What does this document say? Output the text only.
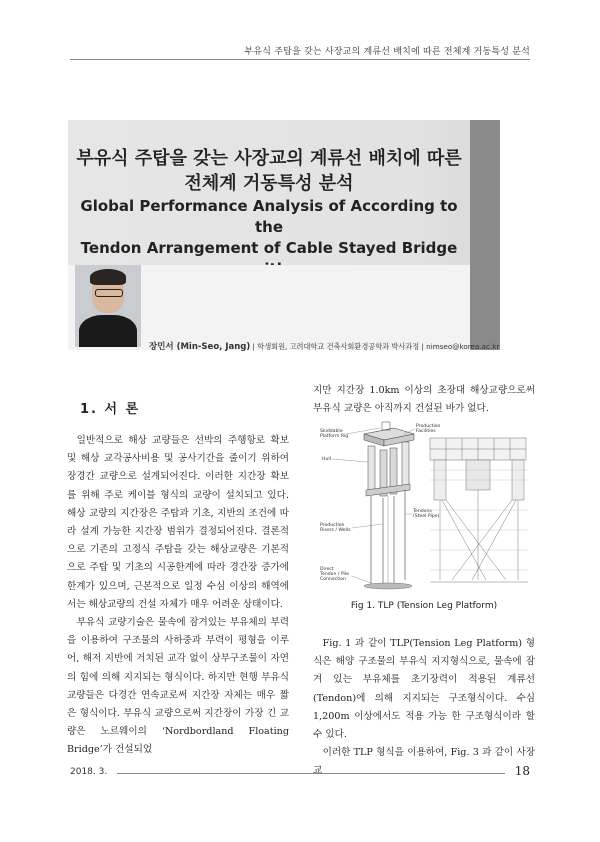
부유식 주탑을 갖는 사장교의 계류선 배치에 따른 전체계 거동특성 분석
부유식 주탑을 갖는 사장교의 계류선 배치에 따른
전체계 거동특성 분석
Global Performance Analysis of According to the
Tendon Arrangement of Cable Stayed Bridge
장민서 (Min-Seo, Jang) | 학생회원, 고려대학교 건축사회환경공학과 박사과정 | nimseo@korea.ac.kr
1. 서 론

일반적으로 해상 교량들은 선박의 주행항로 확보 및 해상 교각공사비용 및 공사기간을 줄이기 위하여 장경간 교량으로 설계되어진다. 이러한 지간장 확보를 위해 주로 케이블 형식의 교량이 설치되고 있다. 해상 교량의 지간장은 주탑과 기초, 지반의 조건에 따라 설계 가능한 지간장 범위가 결정되어진다. 결론적으로 기존의 고정식 주탑을 갖는 해상교량은 기본적으로 주탑 및 기초의 시공한계에 따라 경간장 증가에 한계가 있으며, 근본적으로 일정 수심 이상의 해역에서는 해상교량의 건설 자체가 매우 어려운 상태이다.

부유식 교량기술은 물속에 잠겨있는 부유체의 부력을 이용하여 구조물의 사하중과 부력이 평형을 이루어, 해저 지반에 거치된 교각 없이 상부구조물이 자연의 힘에 의해 지지되는 형식이다. 하지만 현행 부유식 교량들은 다경간 연속교로써 지간장 자체는 매우 짧은 형식이다. 부유식 교량으로써 지간장이 가장 긴 교량은 노르웨이의 ‘Nordbordland Floating Bridge’가 건설되었

지만 지간장 1.0km 이상의 초장대 해상교량으로써 부유식 교량은 아직까지 건설된 바가 없다.

Skiddable
Platform Rig
Production
Facilities
Hull
Tendons
(Steel Pipe)
Production
Risers / Wells
Direct
Tendon / Pile
Connection
Fig 1. TLP (Tension Leg Platform)

Fig. 1 과 같이 TLP(Tension Leg Platform) 형식은 해양 구조물의 부유식 지지형식으로, 물속에 잠겨 있는 부유체를 초기장력이 적용된 계류선(Tendon)에 의해 지지되는 구조형식이다. 수심 1,200m 이상에서도 적용 가능 한 구조형식이라 할 수 있다.

이러한 TLP 형식을 이용하여, Fig. 3 과 같이 사장교

2018. 3.	18
